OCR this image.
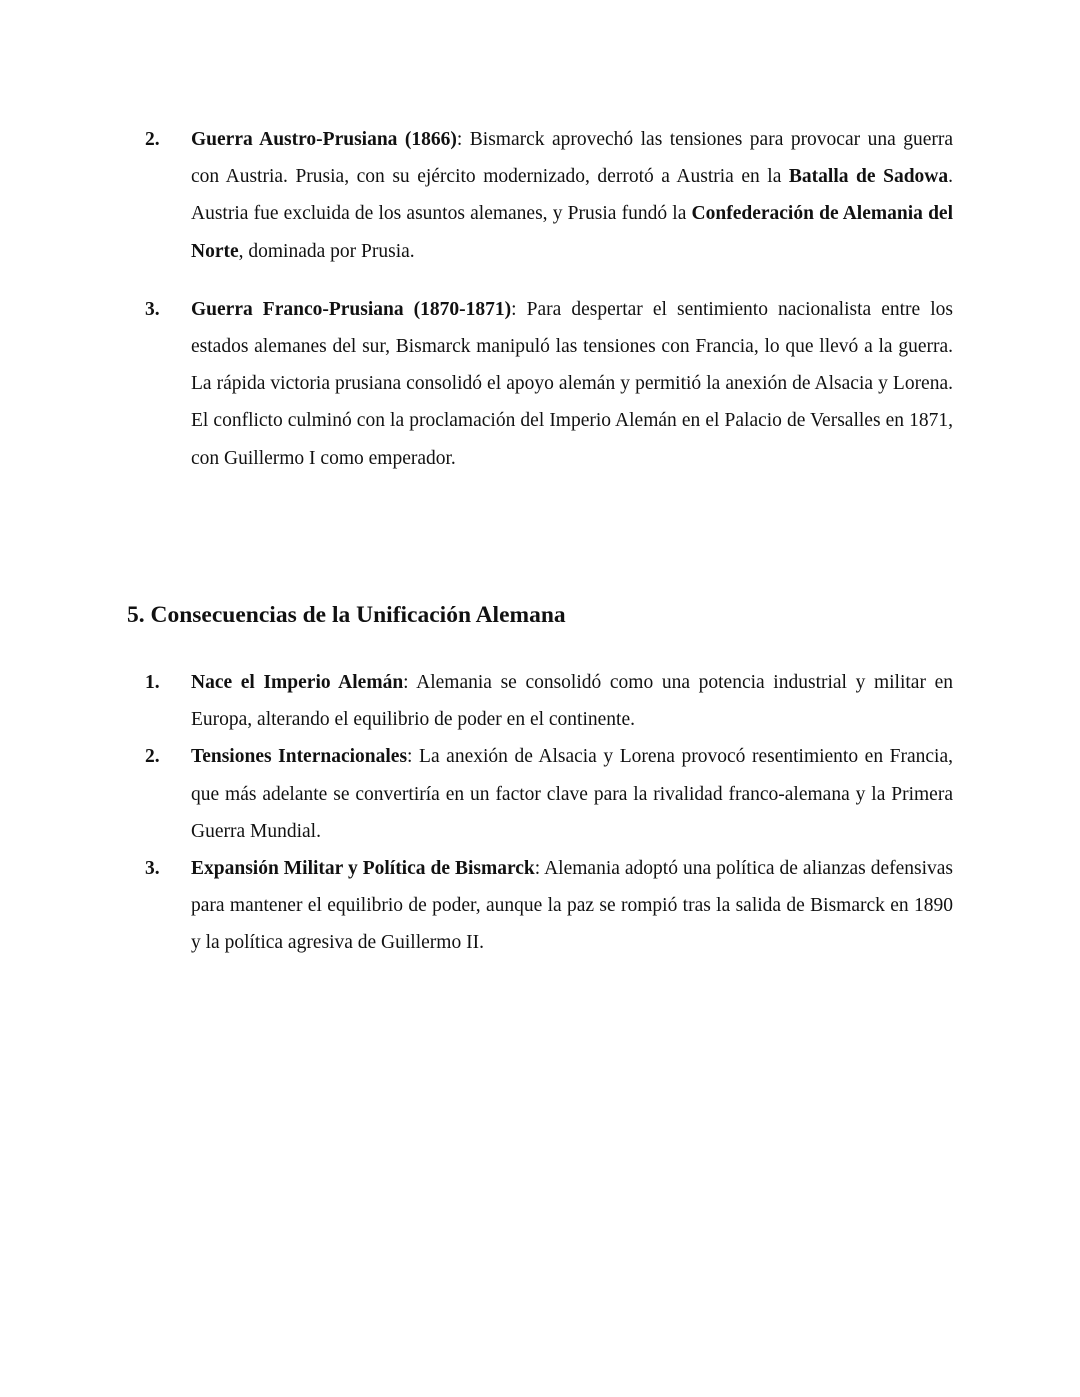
2. Guerra Austro-Prusiana (1866): Bismarck aprovechó las tensiones para provocar una guerra con Austria. Prusia, con su ejército modernizado, derrotó a Austria en la Batalla de Sadowa. Austria fue excluida de los asuntos alemanes, y Prusia fundó la Confederación de Alemania del Norte, dominada por Prusia.
3. Guerra Franco-Prusiana (1870-1871): Para despertar el sentimiento nacionalista entre los estados alemanes del sur, Bismarck manipuló las tensiones con Francia, lo que llevó a la guerra. La rápida victoria prusiana consolidó el apoyo alemán y permitió la anexión de Alsacia y Lorena. El conflicto culminó con la proclamación del Imperio Alemán en el Palacio de Versalles en 1871, con Guillermo I como emperador.
5. Consecuencias de la Unificación Alemana
1. Nace el Imperio Alemán: Alemania se consolidó como una potencia industrial y militar en Europa, alterando el equilibrio de poder en el continente.
2. Tensiones Internacionales: La anexión de Alsacia y Lorena provocó resentimiento en Francia, que más adelante se convertiría en un factor clave para la rivalidad franco-alemana y la Primera Guerra Mundial.
3. Expansión Militar y Política de Bismarck: Alemania adoptó una política de alianzas defensivas para mantener el equilibrio de poder, aunque la paz se rompió tras la salida de Bismarck en 1890 y la política agresiva de Guillermo II.
